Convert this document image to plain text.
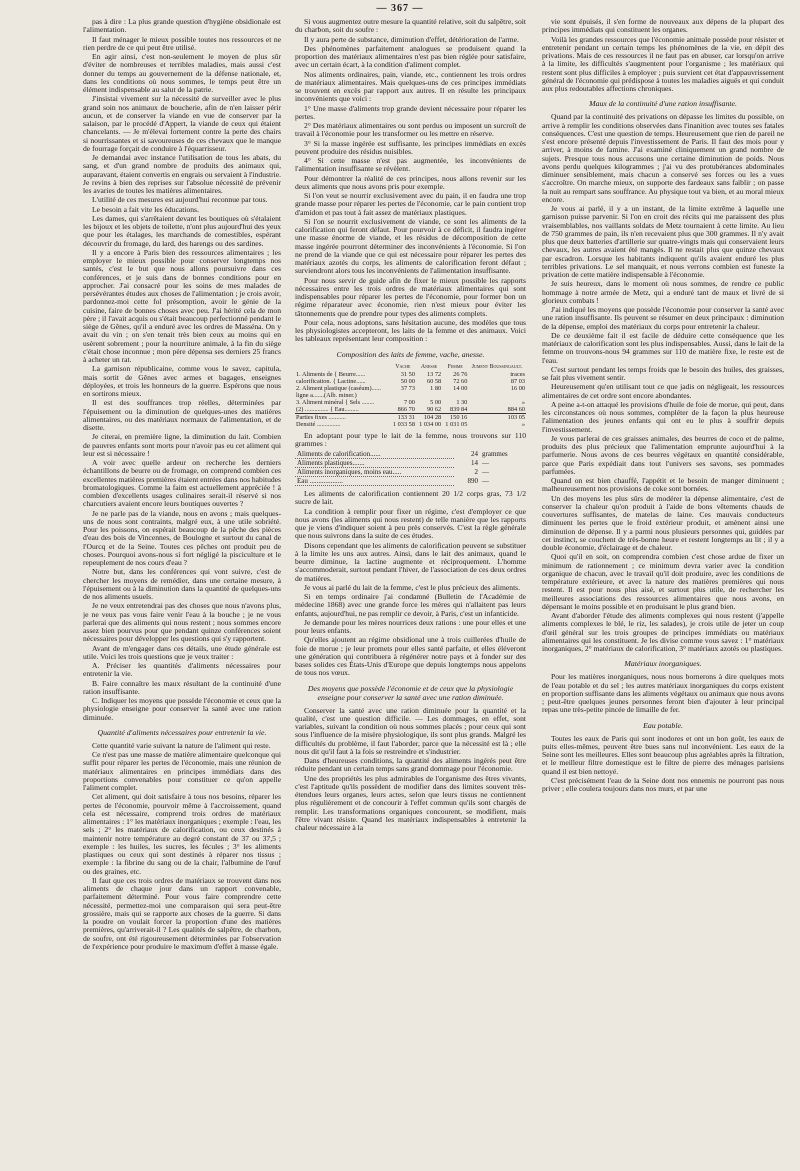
— 367 —

pas à dire : La plus grande question d'hygiène obsidionale est l'alimentation.

Il faut ménager le mieux possible toutes nos ressources et ne rien perdre de ce qui peut être utilisé.

En agir ainsi, c'est non-seulement le moyen de plus sûr d'éviter de nombreuses et terribles maladies, mais aussi c'est donner du temps au gouvernement de la défense nationale, et, dans les conditions où nous sommes, le temps peut être un élément indispensable au salut de la patrie.

J'insistai vivement sur la nécessité de surveiller avec le plus grand soin nos animaux de boucherie, afin de n'en laisser périr aucun, et de conserver la viande en vue de conserver par la salaison, par le procédé d'Appert, la viande de ceux qui étaient chancelants. — Je m'élevai fortement contre la perte des chairs si nourrissantes et si savoureuses de ces chevaux que le manque de fourrage forçait de conduire à l'équarrisseur.

Je demandai avec instance l'utilisation de tous les abats, du sang, et d'un grand nombre de produits des animaux qui, auparavant, étaient convertis en engrais ou servaient à l'industrie. Je revins à bien des reprises sur l'absolue nécessité de prévenir les avaries de toutes les matières alimentaires.

L'utilité de ces mesures est aujourd'hui reconnue par tous.

Le besoin a fait vite les éducations.

Les dames, qui s'arrêtaient devant les boutiques où s'étalaient les bijoux et les objets de toilette, n'ont plus aujourd'hui des yeux que pour les étalages, les marchands de comestibles, espérant découvrir du fromage, du lard, des harengs ou des sardines.

Il y a encore à Paris bien des ressources alimentaires ; les employer le mieux possible pour conserver longtemps nos santés, c'est le but que nous allons poursuivre dans ces conférences, et je suis dans de bonnes conditions pour en approcher. J'ai consacré pour les soins de mes malades de persévérantes études aux choses de l'alimentation ; je crois avoir, pardonnez-moi cette fol présomption, avoir le génie de la cuisine, faire de bonnes choses avec peu. J'ai hérité cela de mon père ; il l'avait acquis ou s'était beaucoup perfectionné pendant le siège de Gênes, qu'il a enduré avec les ordres de Masséna. On y avait du vin ; on s'en tenait très bien ceux au moins qui en usèrent sobrement ; pour la nourriture animale, à la fin du siège c'était chose inconnue ; mon père dépensa ses derniers 25 francs à acheter un rat.

La garnison républicaine, comme vous le savez, capitula, mais sortit de Gênes avec armes et bagages, enseignes déployées, et trois les honneurs de la guerre. Espérons que nous en sortirons mieux.

Il est des souffrances trop réelles, déterminées par l'épuisement ou la diminution de quelques-unes des matières alimentaires, ou des matériaux normaux de l'alimentation, et de disette.

Je citerai, en première ligne, la diminution du lait. Combien de pauvres enfants sont morts pour n'avoir pas eu cet aliment qui leur est si nécessaire !

A voir avec quelle ardeur on recherche les derniers échantillons de beurre ou de fromage, on comprend combien ces excellentes matières premières étaient entrées dans nos habitudes bromatologiques. Comme la faim est actuellement appréciée ! à combien d'excellents usages culinaires serait-il réservé si nos charcutiers avaient encore leurs boutiques ouvertes ?

Je ne parle pas de la viande, nous en avons ; mais quelques-uns de nous sont contraints, malgré eux, à une utile sobriété. Pour les poissons, on espérait beaucoup de la pêche des pièces d'eau des bois de Vincennes, de Boulogne et surtout du canal de l'Ourcq et de la Seine. Toutes ces pêches ont produit peu de choses. Pourquoi avons-nous si fort négligé la pisciculture et le repeuplement de nos cours d'eau ?

Notre but, dans les conférences qui vont suivre, c'est de chercher les moyens de remédier, dans une certaine mesure, à l'épuisement ou à la diminution dans la quantité de quelques-uns de nos aliments usuels.

Je ne veux entretendrai pas des choses que nous n'avons plus, je ne veux pas vous faire venir l'eau à la bouche ; je ne vous parlerai que des aliments qui nous restent ; nous sommes encore assez bien pourvus pour que pendant quinze conférences soient nécessaires pour développer les questions qui s'y rapportent.

Avant de m'engager dans ces détails, une étude générale est utile. Voici les trois questions que je veux traiter :

A. Préciser les quantités d'aliments nécessaires pour entretenir la vie.

B. Faire connaître les maux résultant de la continuité d'une ration insuffisante.

C. Indiquer les moyens que possède l'économie et ceux que la physiologie enseigne pour conserver la santé avec une ration diminuée.

Quantité d'aliments nécessaires pour entretenir la vie.

Cette quantité varie suivant la nature de l'aliment qui reste.

Ce n'est pas une masse de matière alimentaire quelconque qui suffit pour réparer les pertes de l'économie, mais une réunion de matériaux alimentaires en principes immédiats dans des proportions convenables pour constituer ce qu'on appelle l'aliment complet.

Cet aliment, qui doit satisfaire à tous nos besoins, réparer les pertes de l'économie, pourvoir même à l'accroissement, quand cela est nécessaire, comprend trois ordres de matériaux alimentaires : 1° les matériaux inorganiques ; exemple : l'eau, les sels ; 2° les matériaux de calorification, ou ceux destinés à maintenir notre température au degré constant de 37 ou 37,5 ; exemple : les huiles, les sucres, les fécules ; 3° les aliments plastiques ou ceux qui sont destinés à réparer nos tissus ; exemple : la fibrine du sang ou de la chair, l'albumine de l'œuf ou des graines, etc.

Il faut que ces trois ordres de matériaux se trouvent dans nos aliments de chaque jour dans un rapport convenable, parfaitement déterminé. Pour vous faire comprendre cette nécessité, permettez-moi une comparaison qui sera peut-être grossière, mais qui se rapporte aux choses de la guerre. Si dans la poudre on voulait forcer la proportion d'une des matières premières, qu'arriverait-il ? Les qualités de salpêtre, de charbon, de soufre, ont été rigoureusement déterminées par l'observation de l'expérience pour produire le maximum d'effet à masse égale.

Si vous augmentez outre mesure la quantité relative, soit du salpêtre, soit du charbon, soit du soufre :

Il y aura perte de substance, diminution d'effet, détérioration de l'arme.

Des phénomènes parfaitement analogues se produisent quand la proportion des matériaux alimentaires n'est pas bien réglée pour satisfaire, avec un certain écart, à la condition d'aliment complet.

Nos aliments ordinaires, pain, viande, etc., contiennent les trois ordres de matériaux alimentaires. Mais quelques-uns de ces principes immédiats se trouvent en excès par rapport aux autres. Il en résulte les principaux inconvénients que voici :

1° Une masse d'aliments trop grande devient nécessaire pour réparer les pertes.

2° Des matériaux alimentaires ou sont perdus ou imposent un surcroît de travail à l'économie pour les transformer ou les mettre en réserve.

3° Si la masse ingérée est suffisante, les principes immédiats en excès peuvent produire des résidus nuisibles.

4° Si cette masse n'est pas augmentée, les inconvénients de l'alimentation insuffisante se révèlent.

Pour démontrer la réalité de ces principes, nous allons revenir sur les deux aliments que nous avons pris pour exemple.

Si l'on veut se nourrir exclusivement avec du pain, il en faudra une trop grande masse pour réparer les pertes de l'économie, car le pain contient trop d'amidon et pas tout à fait assez de matériaux plastiques.

Si l'on se nourrit exclusivement de viande, ce sont les aliments de la calorification qui feront défaut. Pour pourvoir à ce déficit, il faudra ingérer une masse énorme de viande, et les résidus de décomposition de cette masse ingérée pourront déterminer des inconvénients à l'économie. Si l'on ne prend de la viande que ce qui est nécessaire pour réparer les pertes des matériaux azotés du corps, les aliments de calorification feront défaut ; surviendront alors tous les inconvénients de l'alimentation insuffisante.

Pour nous servir de guide afin de fixer le mieux possible les rapports nécessaires entre les trois ordres de matériaux alimentaires qui sont indispensables pour réparer les pertes de l'économie, pour former bon un régime réparateur avec économie, rien n'est mieux pour éviter les tâtonnements que de prendre pour types des aliments complets.

Pour cela, nous adoptons, sans hésitation aucune, des modèles que tous les physiologistes accepteront, les laits de la femme et des animaux. Voici les tableaux représentant leur composition :

Composition des laits de femme, vache, anesse.
	Vache	Anesse	Femme	Jument Boussingault.
1. Aliments de { Beurre......	31 50	13 72	26 76	traces
calorification. { Lactine......	50 00	60 58	72 60	87 03
2. Aliment plastique (caséum)......	37 73	1 80	14 00	16 00
ligne a.......(Alb. miner.)				
3. Aliment minéral { Sels ........	7 00	5 00	1 30	»
(2) ............... { Eau.........	866 70	90 62	839 84	884 60
Parties fixes ...........	133 31	104 28	150 16	103 05
Densité ...............	1 033 58	1 034 00	1 031 05	»

En adoptant pour type le lait de la femme, nous trouvons sur 110 grammes :

Aliments de calorification......	24	grammes
Aliments plastiques.......	14	—
Aliments inorganiques, moins eau.....	2	—
Eau ...................	890	—

Les aliments de calorification contiennent 20 1/2 corps gras, 73 1/2 sucre de lait.

La condition à remplir pour fixer un régime, c'est d'employer ce que nous avons (les aliments qui nous restent) de telle manière que les rapports que je viens d'indiquer soient à peu près conservés. C'est la règle générale que nous suivrons dans la suite de ces études.

Disons cependant que les aliments de calorification peuvent se substituer à la limite les uns aux autres. Ainsi, dans le lait des animaux, quand le beurre diminue, la lactine augmente et réciproquement. L'homme s'accommoderait, surtout pendant l'hiver, de l'association de ces deux ordres de matières.

Je vous ai parlé du lait de la femme, c'est le plus précieux des aliments.

Si en temps ordinaire j'ai condamné (Bulletin de l'Académie de médecine 1868) avec une grande force les mères qui n'allaitent pas leurs enfants, aujourd'hui, ne pas remplir ce devoir, à Paris, c'est un infanticide.

Je demande pour les mères nourrices deux rations : une pour elles et une pour leurs enfants.

Qu'elles ajoutent au régime obsidional une à trois cuillerées d'huile de foie de morue ; je leur promets pour elles santé parfaite, et elles éléveront une génération qui contribuera à régénérer notre pays et à fonder sur des bases solides ces États-Unis d'Europe que depuis longtemps nous appelons de tous nos vœux.

Des moyens que possède l'économie et de ceux que la physiologie enseigne pour conserver la santé avec une ration diminuée.

Conserver la santé avec une ration diminuée pour la quantité et la qualité, c'est une question difficile. — Les dommages, en effet, sont variables, suivant la condition où nous sommes placés ; pour ceux qui sont sous l'influence de la misère physiologique, ils sont plus grands. Malgré les difficultés du problème, il faut l'aborder, parce que la nécessité est là ; elle nous dit qu'il faut à la fois se restreindre et s'industrier.

Dans d'heureuses conditions, la quantité des aliments ingérés peut être réduite pendant un certain temps sans grand dommage pour l'économie.

Une des propriétés les plus admirables de l'organisme des êtres vivants, c'est l'aptitude qu'ils possèdent de modifier dans des limites souvent très-étendues leurs organes, leurs actes, selon que leurs tissus ne contiennent plus régulièrement et de concourir à l'effet commun qu'ils sont chargés de remplir. Les transformations organiques concourent, se modifient, mais l'être vivant résiste. Quand les matériaux indispensables à entretenir la chaleur nécessaire à la

vie sont épuisés, il s'en forme de nouveaux aux dépens de la plupart des principes immédiats qui constituent les organes.

Voilà les grandes ressources que l'économie animale possède pour résister et entretenir pendant un certain temps les phénomènes de la vie, en dépit des privations. Mais de ces ressources il ne faut pas en abuser, car lorsqu'on arrive à la limite, les difficultés s'augmentent pour l'organisme ; les matériaux qui restent sont plus difficiles à employer ; puis survient cet état d'appauvrissement général de l'économie qui prédispose à toutes les maladies aiguës et qui conduit aux plus redoutables affections chroniques.

Maux de la continuité d'une ration insuffisante.

Quand par la continuité des privations on dépasse les limites du possible, on arrive à remplir les conditions observées dans l'inanition avec toutes ses fatales conséquences. C'est une question de temps. Heureusement que rien de pareil ne s'est encore présenté depuis l'investissement de Paris. Il faut des mois pour y arriver, à moins de famine. J'ai examiné cliniquement un grand nombre de sujets. Presque tous nous accusons une certaine diminution de poids. Nous avons perdu quelques kilogrammes ; j'ai vu des protubérances abdominales diminuer sensiblement, mais chacun a conservé ses forces ou les a vues s'accroître. On marche mieux, on supporte des fardeaux sans faiblir ; on passe la nuit au rempart sans souffrance. Au physique tout va bien, et au moral mieux encore.

Je vous ai parlé, il y a un instant, de la limite extrême à laquelle une garnison puisse parvenir. Si l'on en croit des récits qui me paraissent des plus vraisemblables, nos vaillants soldats de Metz tournaient à cette limite. Au lieu de 750 grammes de pain, ils n'en recevaient plus que 300 grammes. Il n'y avait plus que deux batteries d'artillerie sur quatre-vingts mais qui conservaient leurs chevaux, les autres avaient été mangés. Il ne restait plus que quinze chevaux par escadron. Lorsque les habitants indiquent qu'ils avaient enduré les plus terribles privations. Le sel manquait, et nous verrons combien est funeste la privation de cette matière indispensable à l'économie.

Je suis heureux, dans le moment où nous sommes, de rendre ce public hommage à notre armée de Metz, qui a enduré tant de maux et livré de si glorieux combats !

J'ai indiqué les moyens que possède l'économie pour conserver la santé avec une ration insuffisante. Ils peuvent se résumer en deux principaux : diminution de la dépense, emploi des matériaux du corps pour entretenir la chaleur.

De ce deuxième fait il est facile de déduire cette conséquence que les matériaux de calorification sont les plus indispensables. Aussi, dans le lait de la femme on trouvons-nous 94 grammes sur 110 de matière fixe, le reste est de l'eau.

C'est surtout pendant les temps froids que le besoin des huiles, des graisses, se fait plus vivement sentir.

Heureusement qu'en utilisant tout ce que jadis on négligeait, les ressources alimentaires de cet ordre sont encore abondantes.

A peine a-t-on attaqué les provisions d'huile de foie de morue, qui peut, dans les circonstances où nous sommes, compléter de la façon la plus heureuse l'alimentation des jeunes enfants qui ont eu le plus à souffrir depuis l'investissement.

Je vous parlerai de ces graisses animales, des beurres de coco et de palme, produits des plus précieux que l'alimentation emprunte aujourd'hui à la parfumerie. Nous avons de ces beurres végétaux en quantité considérable, parce que Paris expédiait dans tout l'univers ses savons, ses pommades parfumées.

Quand on est bien chauffé, l'appétit et le besoin de manger diminuent ; malheureusement nos provisions de coke sont bornées.

Un des moyens les plus sûrs de modérer la dépense alimentaire, c'est de conserver la chaleur qu'on produit à l'aide de bons vêtements chauds de couvertures suffisantes, de matelas de laine. Ces mauvais conducteurs diminuent les pertes que le froid extérieur produit, et amènent ainsi une diminution de dépense. Il y a parmi nous plusieurs personnes qui, guidées par cet instinct, se couchent de très-bonne heure et restent longtemps au lit ; il y a double économie, d'éclairage et de chaleur.

Quoi qu'il en soit, on comprendra combien c'est chose ardue de fixer un minimum de rationnement ; ce minimum devra varier avec la condition organique de chacun, avec le travail qu'il doit produire, avec les conditions de température extérieure, et avec la nature des matières premières qui nous restent. Il est pour nous plus aisé, et surtout plus utile, de rechercher les meilleures associations des ressources alimentaires que nous avons, en dépensant le moins possible et en produisant le plus grand bien.

Avant d'aborder l'étude des aliments complexes qui nous restent (j'appelle aliments complexes le blé, le riz, les salades), je crois utile de jeter un coup d'œil général sur les trois groupes de principes immédiats ou matériaux alimentaires qui les constituent. Je les divise comme vous savez : 1° matériaux inorganiques, 2° matériaux de calorification, 3° matériaux azotés ou plastiques.

Matériaux inorganiques.

Pour les matières inorganiques, nous nous bornerons à dire quelques mots de l'eau potable et du sel ; les autres matériaux inorganiques du corps existent en proportion suffisante dans les aliments végétaux ou animaux que nous avons ; peut-être quelques jeunes personnes feront bien d'ajouter à leur principal repas une très-petite pincée de limaille de fer.

Eau potable.

Toutes les eaux de Paris qui sont inodores et ont un bon goût, les eaux de puits elles-mêmes, peuvent être bues sans nul inconvénient. Les eaux de la Seine sont les meilleures. Elles sont beaucoup plus agréables après la filtration, et le meilleur filtre domestique est le filtre de pierre des ménages parisiens quand il est bien nettoyé.

C'est précisément l'eau de la Seine dont nos ennemis ne pourront pas nous priver ; elle coulera toujours dans nos murs, et par une
